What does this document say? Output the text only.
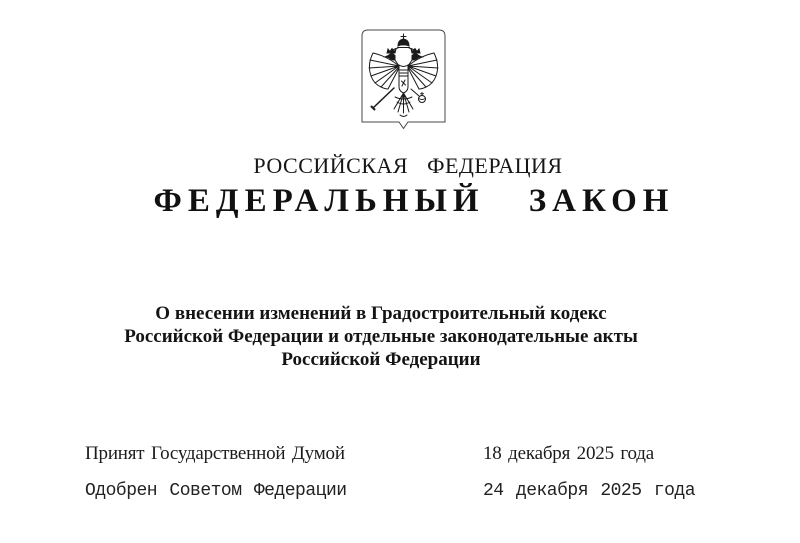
РОССИЙСКАЯ ФЕДЕРАЦИЯ
ФЕДЕРАЛЬНЫЙ ЗАКОН
О внесении изменений в Градостроительный кодекс
Российской Федерации и отдельные законодательные акты
Российской Федерации
Принят Государственной Думой	18 декабря 2025 года
Одобрен Советом Федерации	24 декабря 2025 года
